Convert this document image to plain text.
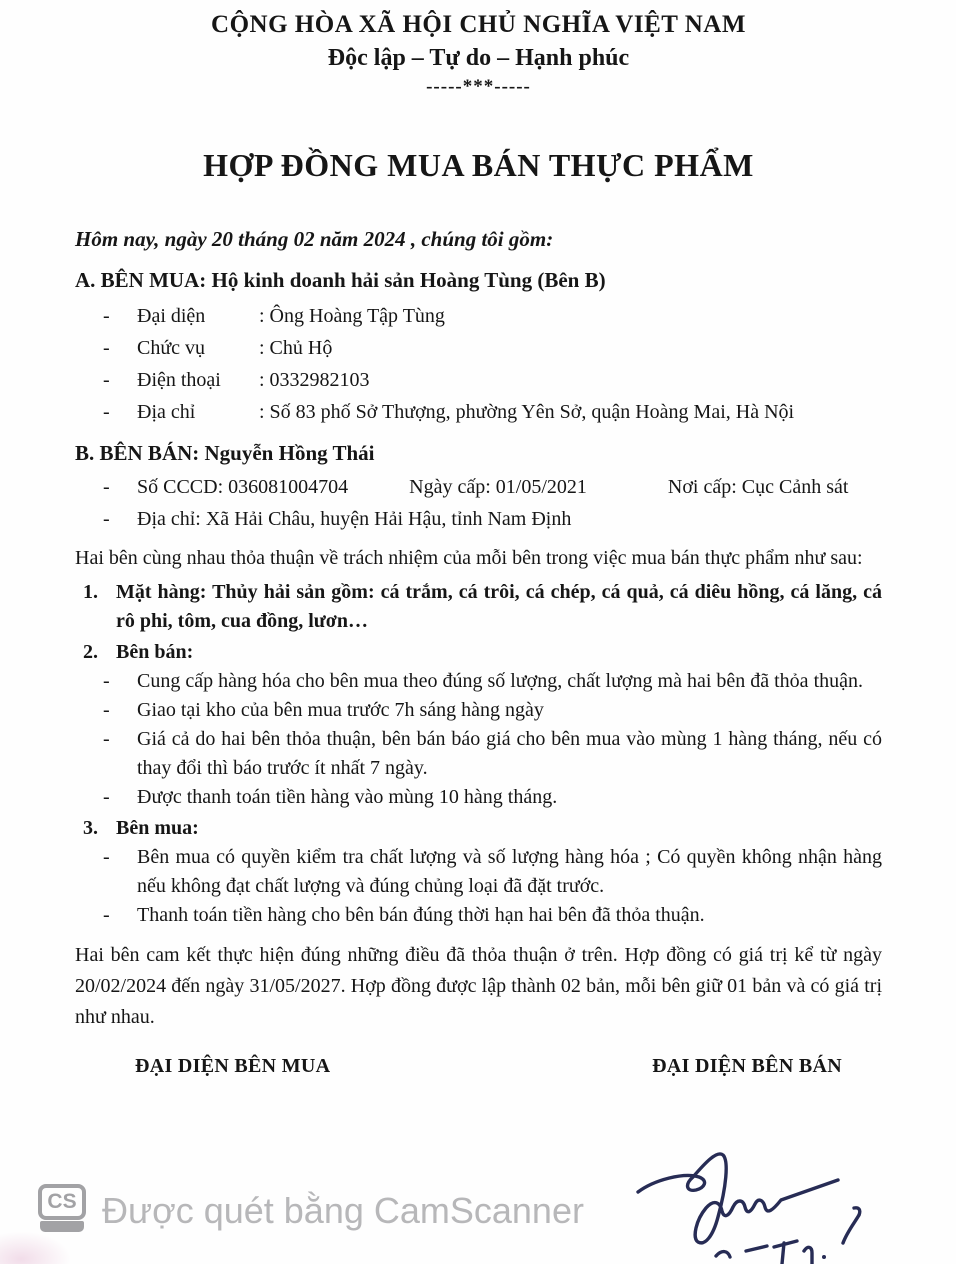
CỘNG HÒA XÃ HỘI CHỦ NGHĨA VIỆT NAM
Độc lập – Tự do – Hạnh phúc
-----***-----
HỢP ĐỒNG MUA BÁN THỰC PHẨM

Hôm nay, ngày 20 tháng 02 năm 2024 , chúng tôi gồm:

A. BÊN MUA: Hộ kinh doanh hải sản Hoàng Tùng (Bên B)
-	Đại diện	: Ông Hoàng Tập Tùng
-	Chức vụ	: Chủ Hộ
-	Điện thoại	: 0332982103
-	Địa chỉ	: Số 83 phố Sở Thượng, phường Yên Sở, quận Hoàng Mai, Hà Nội
B. BÊN BÁN: Nguyễn Hồng Thái
-	Số CCCD: 036081004704	Ngày cấp: 01/05/2021	Nơi cấp: Cục Cảnh sát
-	Địa chỉ: Xã Hải Châu, huyện Hải Hậu, tỉnh Nam Định

Hai bên cùng nhau thỏa thuận về trách nhiệm của mỗi bên trong việc mua bán thực phẩm như sau:

1. Mặt hàng: Thủy hải sản gồm: cá trắm, cá trôi, cá chép, cá quả, cá diêu hồng, cá lăng, cá rô phi, tôm, cua đồng, lươn…
2. Bên bán:
-	Cung cấp hàng hóa cho bên mua theo đúng số lượng, chất lượng mà hai bên đã thỏa thuận.
-	Giao tại kho của bên mua trước 7h sáng hàng ngày
-	Giá cả do hai bên thỏa thuận, bên bán báo giá cho bên mua vào mùng 1 hàng tháng, nếu có thay đổi thì báo trước ít nhất 7 ngày.
-	Được thanh toán tiền hàng vào mùng 10 hàng tháng.
3. Bên mua:
-	Bên mua có quyền kiểm tra chất lượng và số lượng hàng hóa ; Có quyền không nhận hàng nếu không đạt chất lượng và đúng chủng loại đã đặt trước.
-	Thanh toán tiền hàng cho bên bán đúng thời hạn hai bên đã thỏa thuận.

Hai bên cam kết thực hiện đúng những điều đã thỏa thuận ở trên. Hợp đồng có giá trị kể từ ngày 20/02/2024 đến ngày 31/05/2027. Hợp đồng được lập thành 02 bản, mỗi bên giữ 01 bản và có giá trị như nhau.

ĐẠI DIỆN BÊN MUA	ĐẠI DIỆN BÊN BÁN
CS Được quét bằng CamScanner
